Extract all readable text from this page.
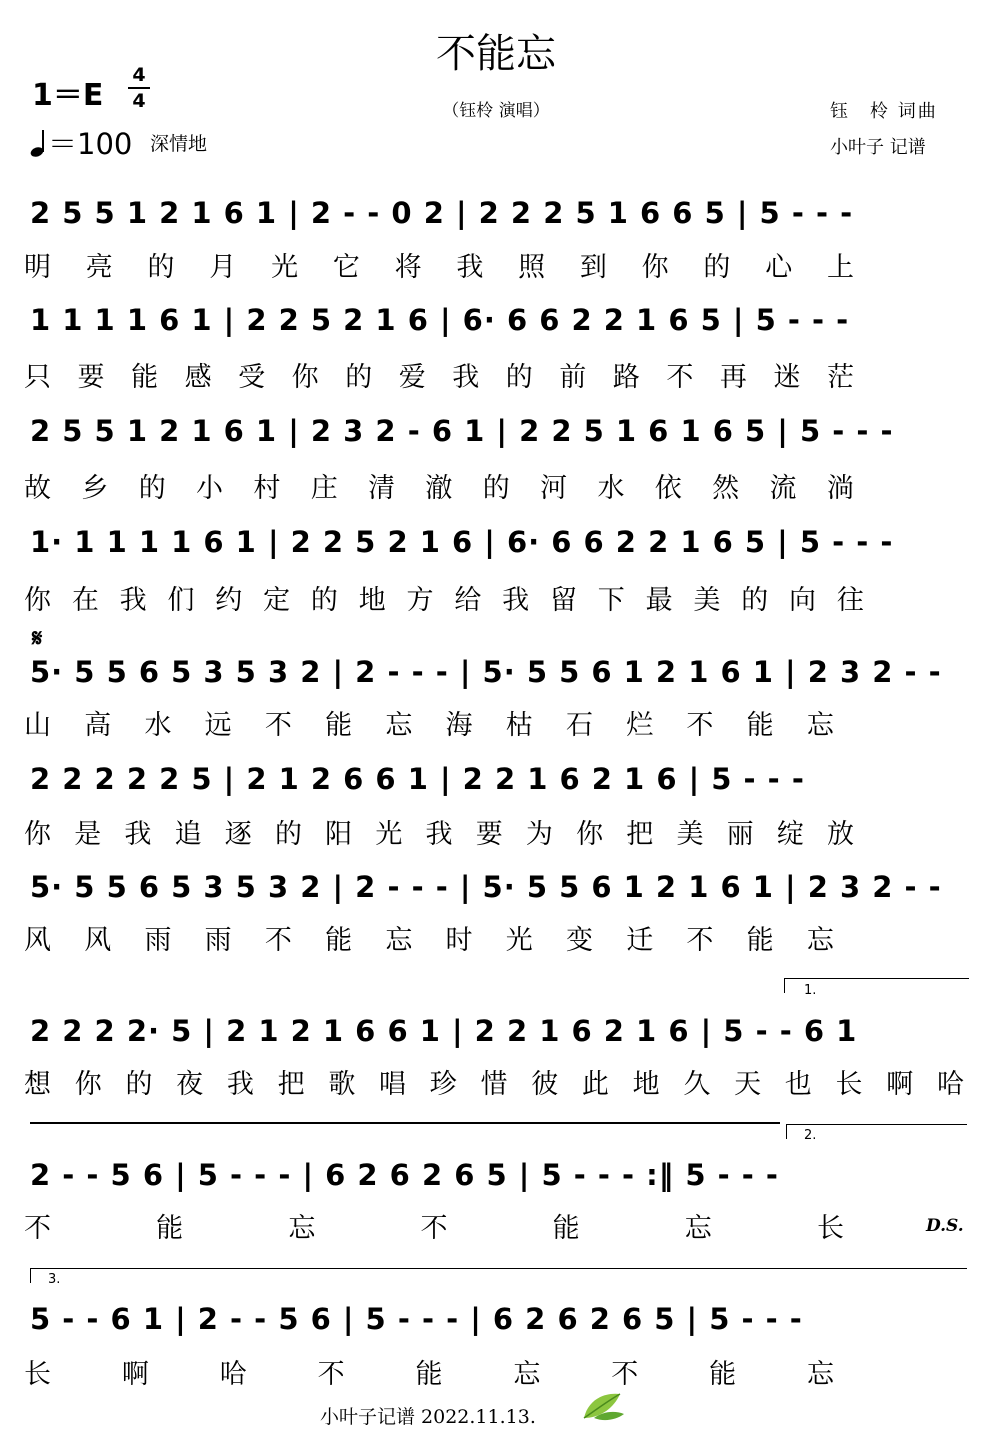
不能忘
（钰柃 演唱）
1＝E
4
4
＝100 深情地
钰　柃 词曲
小叶子 记谱
2 5 5 1 2 1 6 1 | 2 - - 0 2 | 2 2 2 5 1 6 6 5 | 5 - - -
明 亮 的 月 光 它 将 我 照 到 你 的 心 上
1 1 1 1 6 1 | 2 2 5 2 1 6 | 6· 6 6 2 2 1 6 5 | 5 - - -
只 要 能 感 受 你 的 爱 我 的 前 路 不 再 迷 茫
2 5 5 1 2 1 6 1 | 2 3 2 - 6 1 | 2 2 5 1 6 1 6 5 | 5 - - -
故 乡 的 小 村 庄 清 澈 的 河 水 依 然 流 淌
1· 1 1 1 1 6 1 | 2 2 5 2 1 6 | 6· 6 6 2 2 1 6 5 | 5 - - -
你 在 我 们 约 定 的 地 方 给 我 留 下 最 美 的 向 往
𝄋
5· 5 5 6 5 3 5 3 2 | 2 - - - | 5· 5 5 6 1 2 1 6 1 | 2 3 2 - -
山 高 水 远 不 能 忘 海 枯 石 烂 不 能 忘
2 2 2 2 2 5 | 2 1 2 6 6 1 | 2 2 1 6 2 1 6 | 5 - - -
你 是 我 追 逐 的 阳 光 我 要 为 你 把 美 丽 绽 放
5· 5 5 6 5 3 5 3 2 | 2 - - - | 5· 5 5 6 1 2 1 6 1 | 2 3 2 - -
风 风 雨 雨 不 能 忘 时 光 变 迁 不 能 忘
1.
2 2 2 2· 5 | 2 1 2 1 6 6 1 | 2 2 1 6 2 1 6 | 5 - - 6 1
想 你 的 夜 我 把 歌 唱 珍 惜 彼 此 地 久 天 也 长 啊 哈
2.
2 - - 5 6 | 5 - - - | 6 2 6 2 6 5 | 5 - - - :‖ 5 - - -
不	能	忘	不	能	忘	长	D.S.
3.
5 - - 6 1 | 2 - - 5 6 | 5 - - - | 6 2 6 2 6 5 | 5 - - -
长	啊	哈	不	能	忘	不	能	忘
小叶子记谱 2022.11.13.
